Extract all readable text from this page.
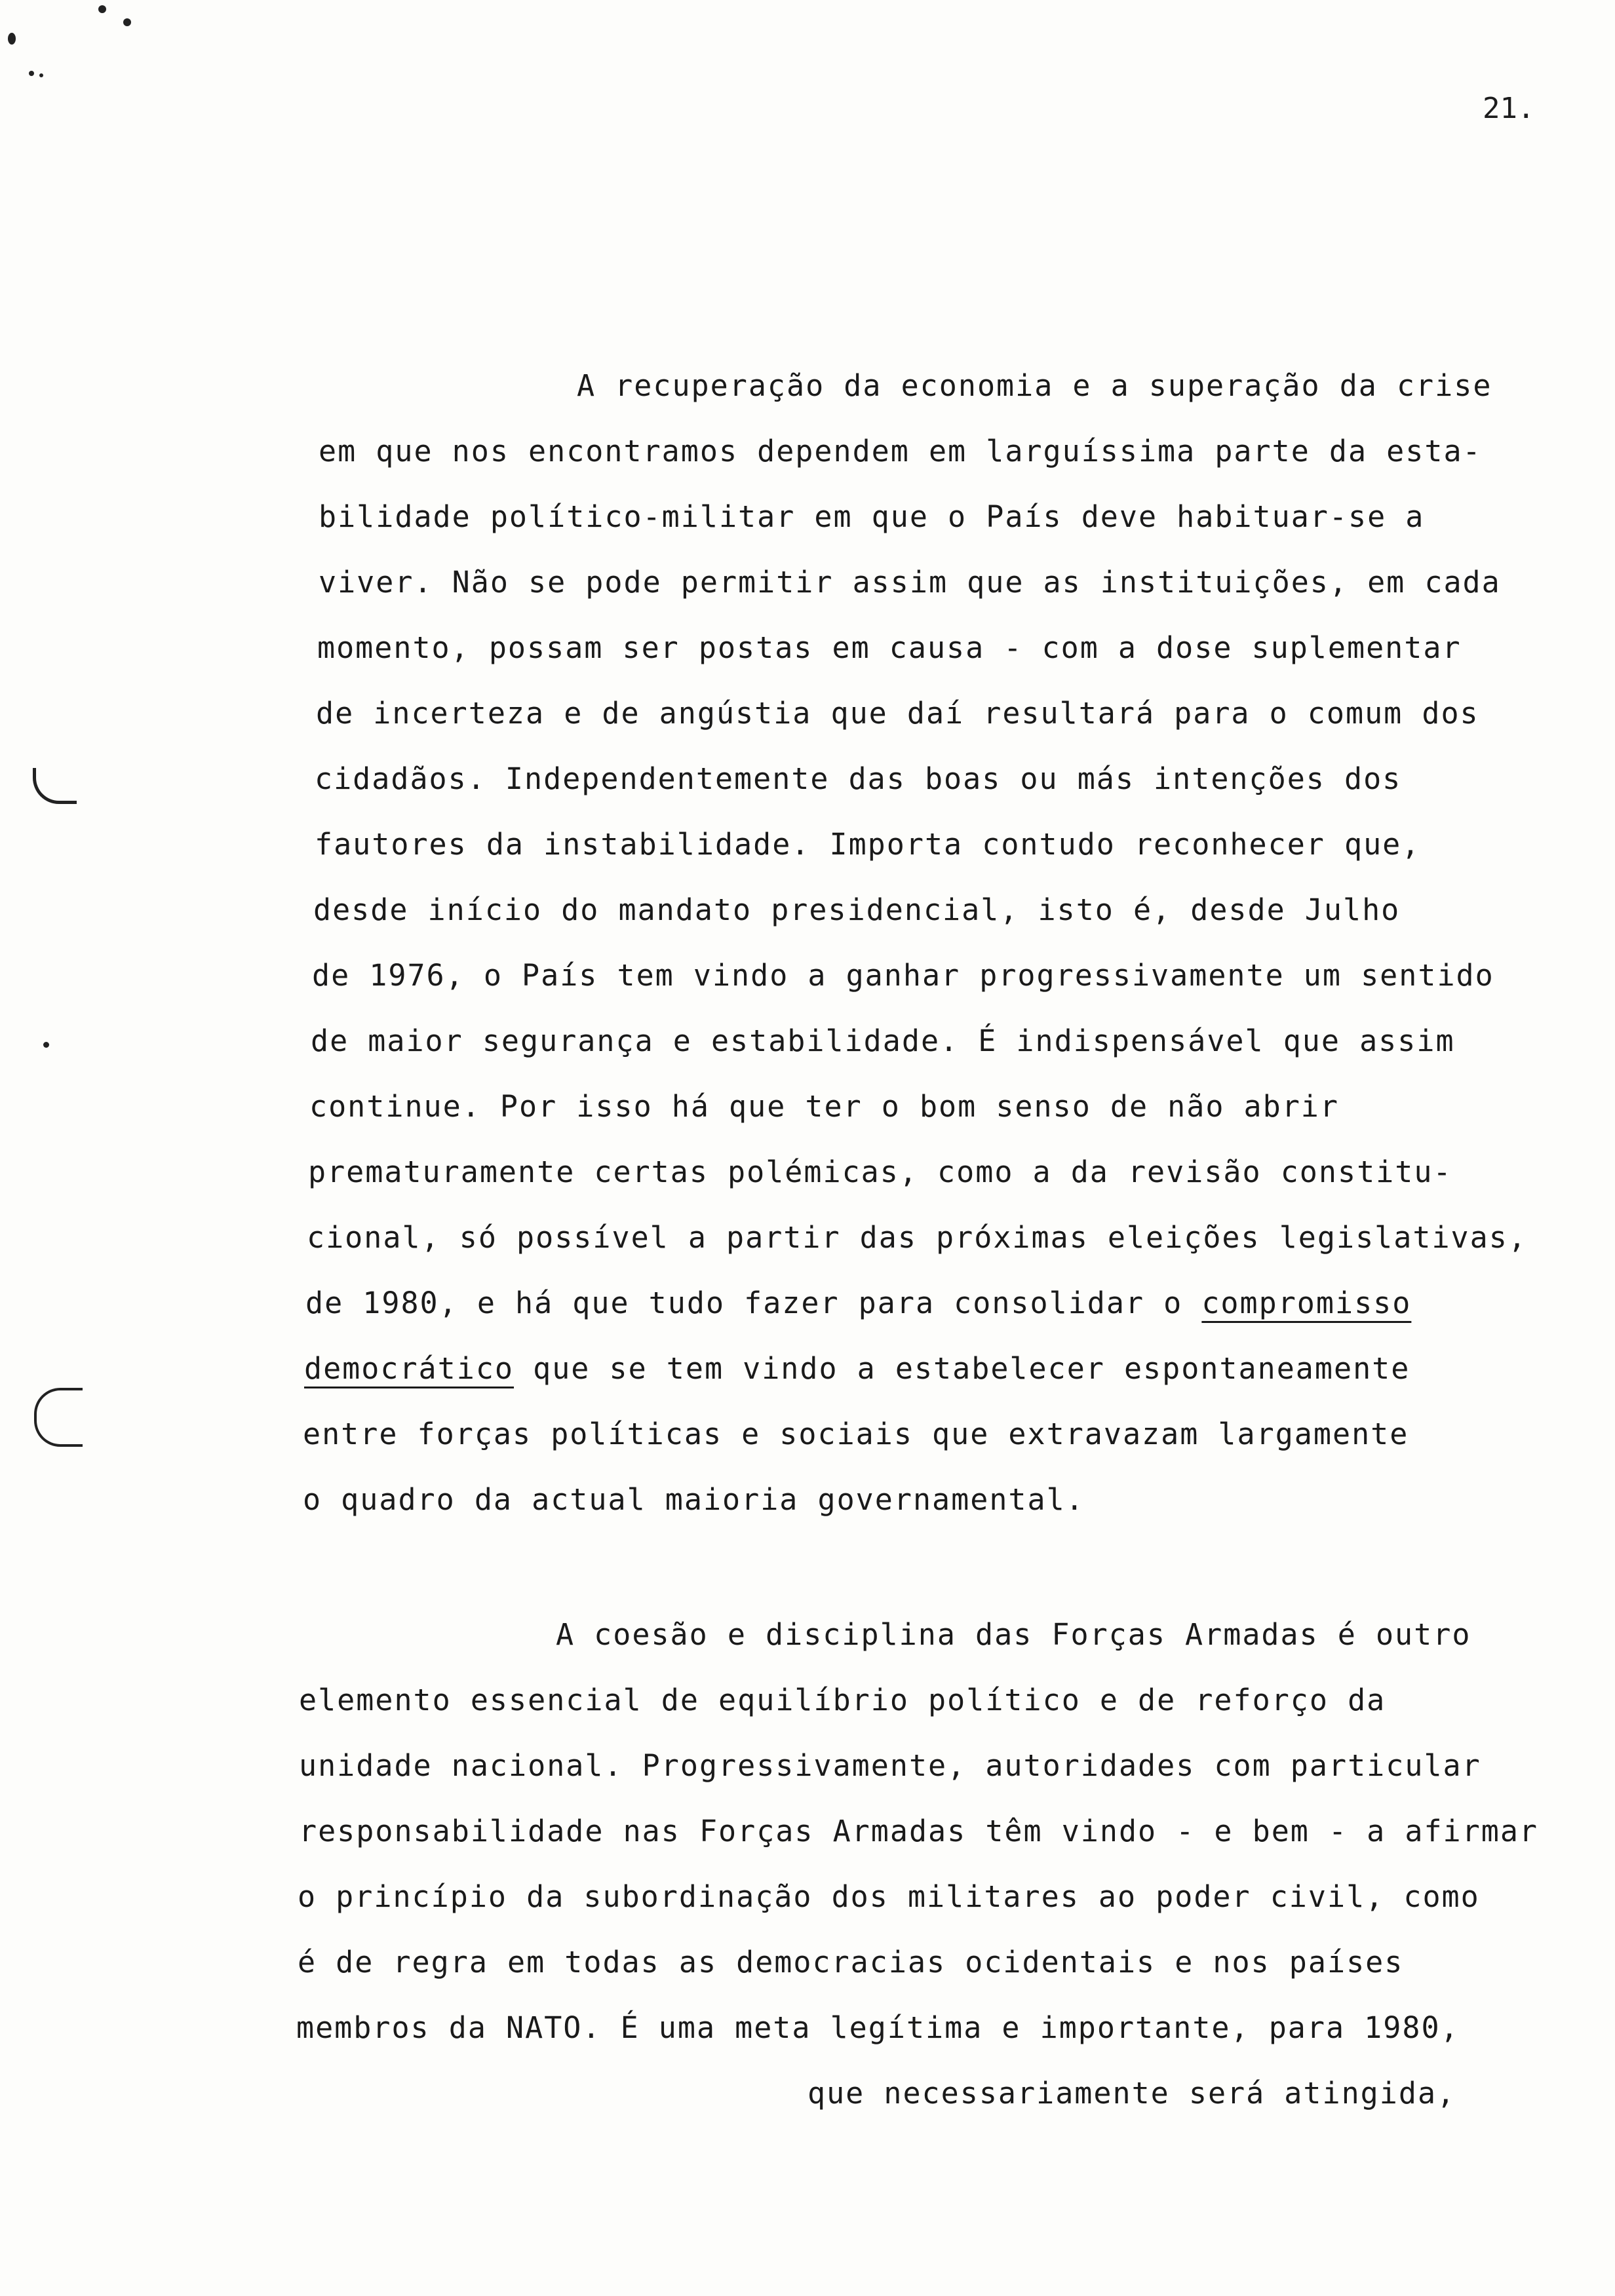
21.
A recuperação da economia e a superação da crise
em que nos encontramos dependem em larguíssima parte da esta-
bilidade político-militar em que o País deve habituar-se a
viver. Não se pode permitir assim que as instituições, em cada
momento, possam ser postas em causa - com a dose suplementar
de incerteza e de angústia que daí resultará para o comum dos
cidadãos. Independentemente das boas ou más intenções dos
fautores da instabilidade. Importa contudo reconhecer que,
desde início do mandato presidencial, isto é, desde Julho
de 1976, o País tem vindo a ganhar progressivamente um sentido
de maior segurança e estabilidade. É indispensável que assim
continue. Por isso há que ter o bom senso de não abrir
prematuramente certas polémicas, como a da revisão constitu-
cional, só possível a partir das próximas eleições legislativas,
de 1980, e há que tudo fazer para consolidar o compromisso
democrático que se tem vindo a estabelecer espontaneamente
entre forças políticas e sociais que extravazam largamente
o quadro da actual maioria governamental.
A coesão e disciplina das Forças Armadas é outro
elemento essencial de equilíbrio político e de reforço da
unidade nacional. Progressivamente, autoridades com particular
responsabilidade nas Forças Armadas têm vindo - e bem - a afirmar
o princípio da subordinação dos militares ao poder civil, como
é de regra em todas as democracias ocidentais e nos países
membros da NATO. É uma meta legítima e importante, para 1980,
que necessariamente será atingida,
